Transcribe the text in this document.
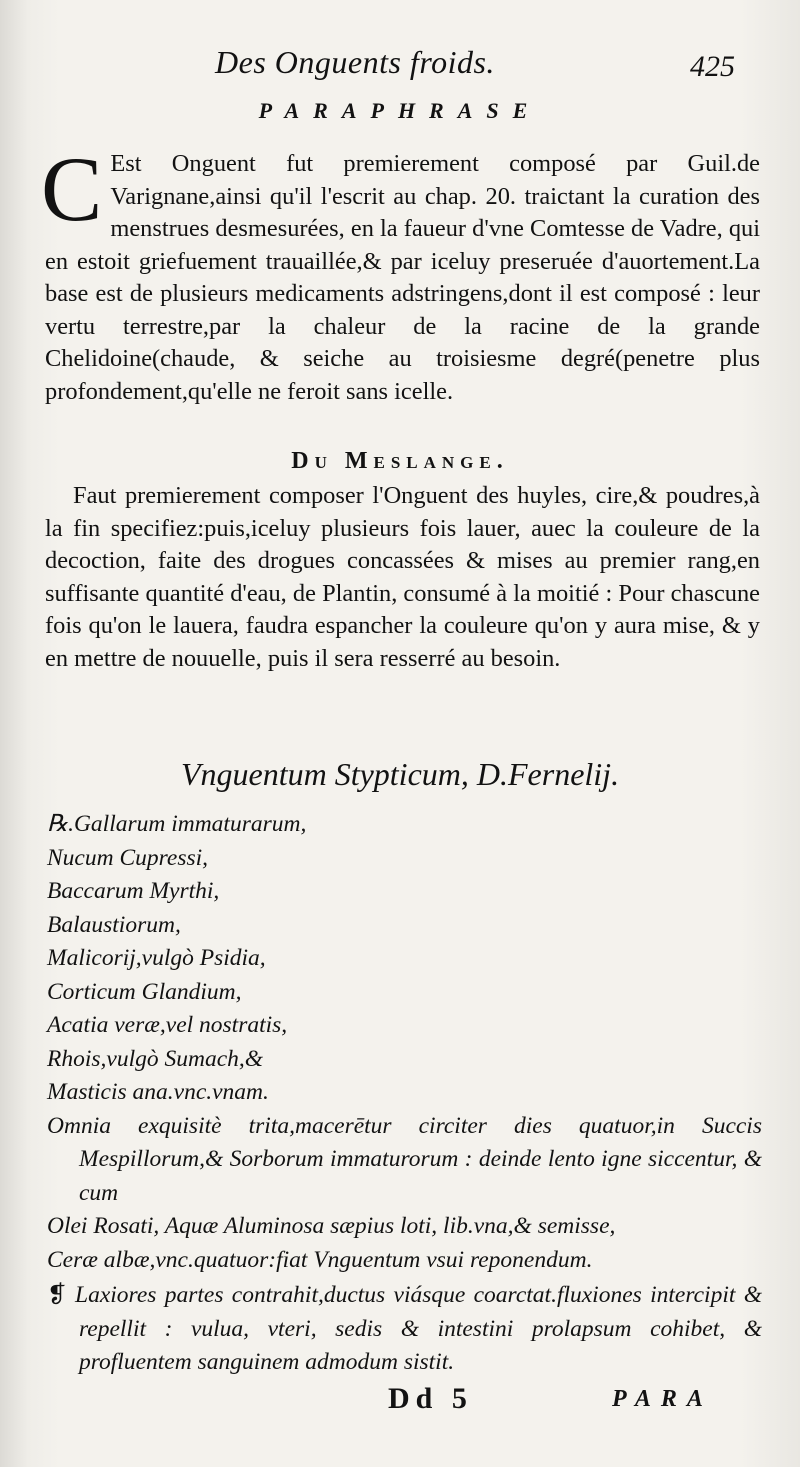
Des Onguents froids.	425
PARAPHRASE
C Est Onguent fut premierement composé par Guil.de Varignane,ainsi qu'il l'escrit au chap. 20. traictant la curation des menstrues desmesurées, en la faueur d'vne Comtesse de Vadre, qui en estoit griefuement trauaillée,& par iceluy preseruée d'auortement.La base est de plusieurs medicaments adstringens,dont il est composé : leur vertu terrestre,par la chaleur de la racine de la grande Chelidoine(chaude, & seiche au troisiesme degré(penetre plus profondement,qu'elle ne feroit sans icelle.
Du Meslange.
Faut premierement composer l'Onguent des huyles, cire,& poudres,à la fin specifiez:puis,iceluy plusieurs fois lauer, auec la couleure de la decoction, faite des drogues concassées & mises au premier rang,en suffisante quantité d'eau, de Plantin, consumé à la moitié : Pour chascune fois qu'on le lauera, faudra espancher la couleure qu'on y aura mise, & y en mettre de nouuelle, puis il sera resserré au besoin.
Vnguentum Stypticum, D.Fernelij.
℞.Gallarum immaturarum,
Nucum Cupressi,
Baccarum Myrthi,
Balaustiorum,
Malicorij,vulgò Psidia,
Corticum Glandium,
Acatia veræ,vel nostratis,
Rhois,vulgò Sumach,&
Masticis ana.vnc.vnam.
Omnia exquisitè trita,macerētur circiter dies quatuor,in Succis Mespillorum,& Sorborum immaturorum : deinde lento igne siccentur, & cum
Olei Rosati, Aquæ Aluminosa sæpius loti, lib.vna,& semisse,
Ceræ albæ,vnc.quatuor:fiat Vnguentum vsui reponendum.
❡ Laxiores partes contrahit,ductus viásque coarctat.fluxiones intercipit & repellit : vulua, vteri, sedis & intestini prolapsum cohibet, & profluentem sanguinem admodum sistit.
Dd 5	PARA
